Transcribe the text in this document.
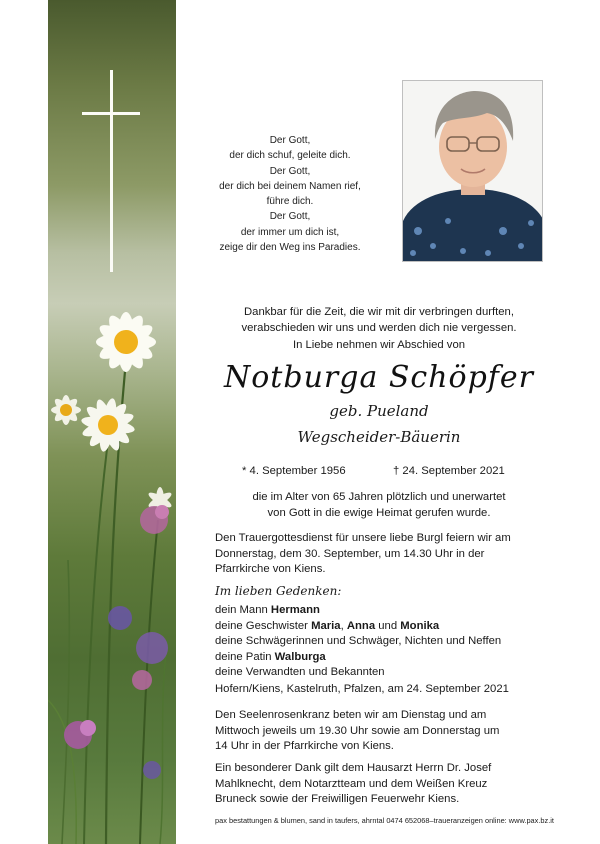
Der Gott,
der dich schuf, geleite dich.
Der Gott,
der dich bei deinem Namen rief,
führe dich.
Der Gott,
der immer um dich ist,
zeige dir den Weg ins Paradies.
Dankbar für die Zeit, die wir mit dir verbringen durften,
verabschieden wir uns und werden dich nie vergessen.
In Liebe nehmen wir Abschied von
Notburga Schöpfer
geb. Pueland
Wegscheider-Bäuerin
* 4. September 1956	† 24. September 2021
die im Alter von 65 Jahren plötzlich und unerwartet
von Gott in die ewige Heimat gerufen wurde.
Den Trauergottesdienst für unsere liebe Burgl feiern wir am
Donnerstag, dem 30. September, um 14.30 Uhr in der
Pfarrkirche von Kiens.
Im lieben Gedenken:
dein Mann Hermann
deine Geschwister Maria, Anna und Monika
deine Schwägerinnen und Schwäger, Nichten und Neffen
deine Patin Walburga
deine Verwandten und Bekannten
Hofern/Kiens, Kastelruth, Pfalzen, am 24. September 2021
Den Seelenrosenkranz beten wir am Dienstag und am
Mittwoch jeweils um 19.30 Uhr sowie am Donnerstag um
14 Uhr in der Pfarrkirche von Kiens.
Ein besonderer Dank gilt dem Hausarzt Herrn Dr. Josef
Mahlknecht, dem Notarztteam und dem Weißen Kreuz
Bruneck sowie der Freiwilligen Feuerwehr Kiens.
pax bestattungen & blumen, sand in taufers, ahrntal 0474 652068–traueranzeigen online: www.pax.bz.it
